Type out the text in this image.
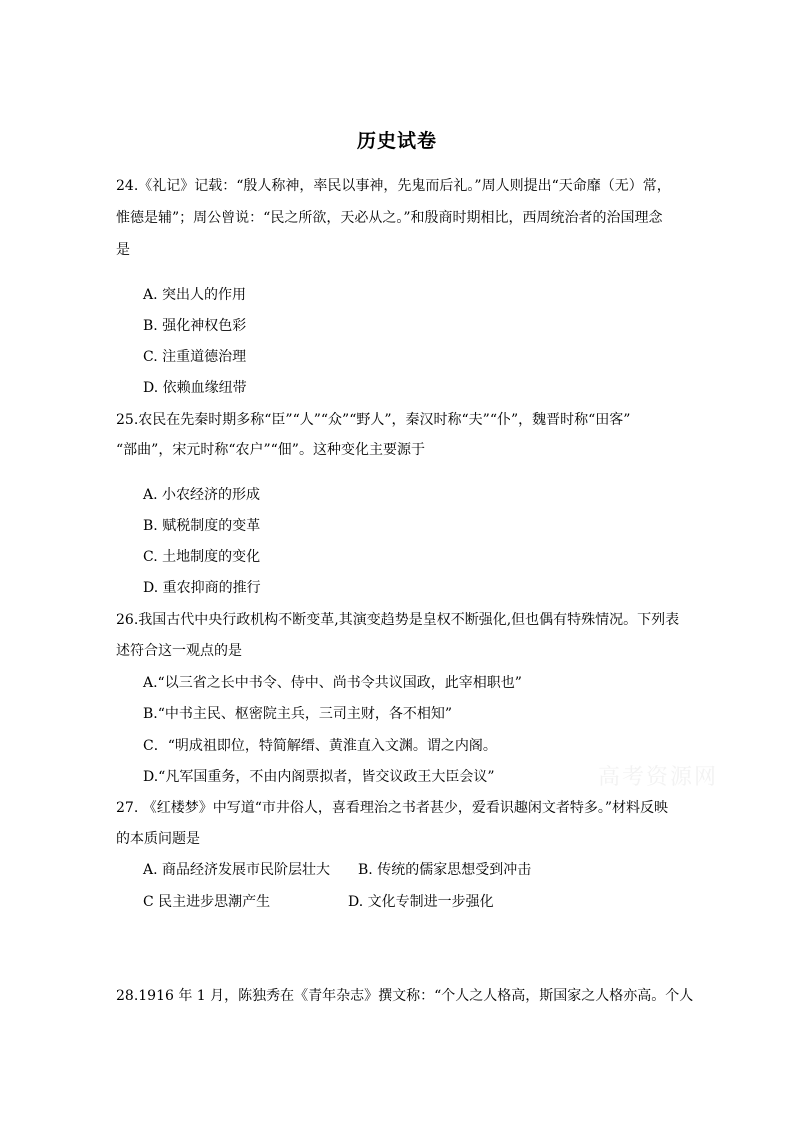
历史试卷
高考资源网
24.《礼记》记载：“殷人称神，率民以事神，先鬼而后礼。”周人则提出“天命靡（无）常，
惟德是辅”；周公曾说：“民之所欲，天必从之。”和殷商时期相比，西周统治者的治国理念
是
A. 突出人的作用
B. 强化神权色彩
C. 注重道德治理
D. 依赖血缘纽带
25.农民在先秦时期多称“臣”“人”“众”“野人”，秦汉时称“夫”“仆”，魏晋时称“田客”
“部曲”，宋元时称“农户”“佃”。这种变化主要源于
A. 小农经济的形成
B. 赋税制度的变革
C. 土地制度的变化
D. 重农抑商的推行
26.我国古代中央行政机构不断变革,其演变趋势是皇权不断强化,但也偶有特殊情况。下列表
述符合这一观点的是
A.“以三省之长中书令、侍中、尚书令共议国政，此宰相职也”
B.“中书主民、枢密院主兵，三司主财，各不相知”
C．“明成祖即位，特简解缙、黄淮直入文渊。谓之内阁。
D.“凡军国重务，不由内阁票拟者，皆交议政王大臣会议”
27. 《红楼梦》中写道“市井俗人，喜看理治之书者甚少，爱看识趣闲文者特多。”材料反映
的本质问题是
A. 商品经济发展市民阶层壮大 B. 传统的儒家思想受到冲击
C 民主进步思潮产生	D. 文化专制进一步强化
28.1916 年 1 月，陈独秀在《青年杂志》撰文称：“个人之人格高，斯国家之人格亦高。个人
